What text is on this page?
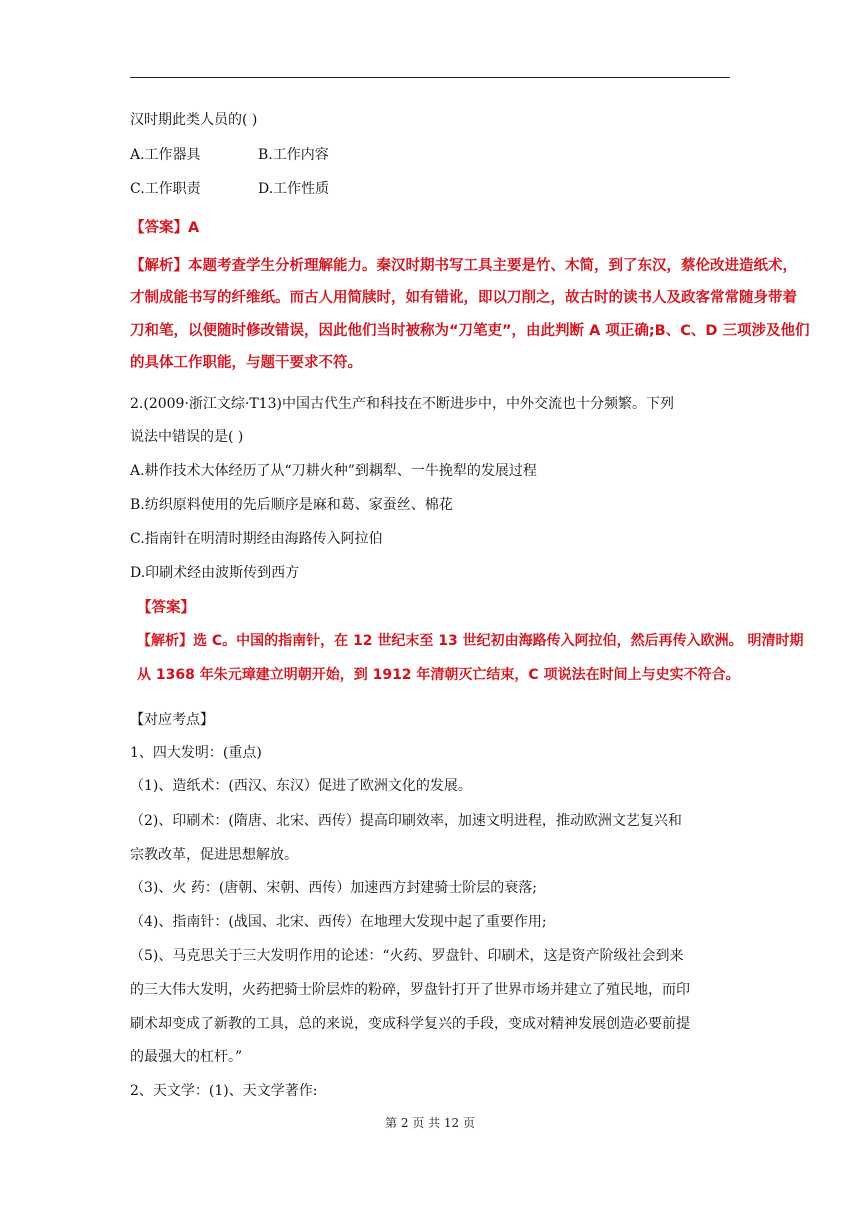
汉时期此类人员的( )
A.工作器具	B.工作内容
C.工作职责	D.工作性质
【答案】A
【解析】本题考查学生分析理解能力。秦汉时期书写工具主要是竹、木简，到了东汉，蔡伦改进造纸术，
才制成能书写的纤维纸。而古人用简牍时，如有错讹，即以刀削之，故古时的读书人及政客常常随身带着
刀和笔，以便随时修改错误，因此他们当时被称为“刀笔吏”，由此判断 A 项正确;B、C、D 三项涉及他们
的具体工作职能，与题干要求不符。
2.(2009·浙江文综·T13)中国古代生产和科技在不断进步中，中外交流也十分频繁。下列
说法中错误的是( )
A.耕作技术大体经历了从“刀耕火种”到耦犁、一牛挽犁的发展过程
B.纺织原料使用的先后顺序是麻和葛、家蚕丝、棉花
C.指南针在明清时期经由海路传入阿拉伯
D.印刷术经由波斯传到西方
【答案】
【解析】选 C。中国的指南针，在 12 世纪末至 13 世纪初由海路传入阿拉伯，然后再传入欧洲。 明清时期
从 1368 年朱元璋建立明朝开始，到 1912 年清朝灭亡结束，C 项说法在时间上与史实不符合。
【对应考点】
1、四大发明：(重点)
（1)、造纸术：(西汉、东汉）促进了欧洲文化的发展。
（2)、印刷术：(隋唐、北宋、西传）提高印刷效率，加速文明进程，推动欧洲文艺复兴和
宗教改革，促进思想解放。
（3)、火 药：(唐朝、宋朝、西传）加速西方封建骑士阶层的衰落;
（4)、指南针：(战国、北宋、西传）在地理大发现中起了重要作用;
（5)、马克思关于三大发明作用的论述：“火药、罗盘针、印刷术，这是资产阶级社会到来
的三大伟大发明，火药把骑士阶层炸的粉碎，罗盘针打开了世界市场并建立了殖民地，而印
刷术却变成了新教的工具，总的来说，变成科学复兴的手段，变成对精神发展创造必要前提
的最强大的杠杆。”
2、天文学：(1)、天文学著作:
第 2 页 共 12 页
